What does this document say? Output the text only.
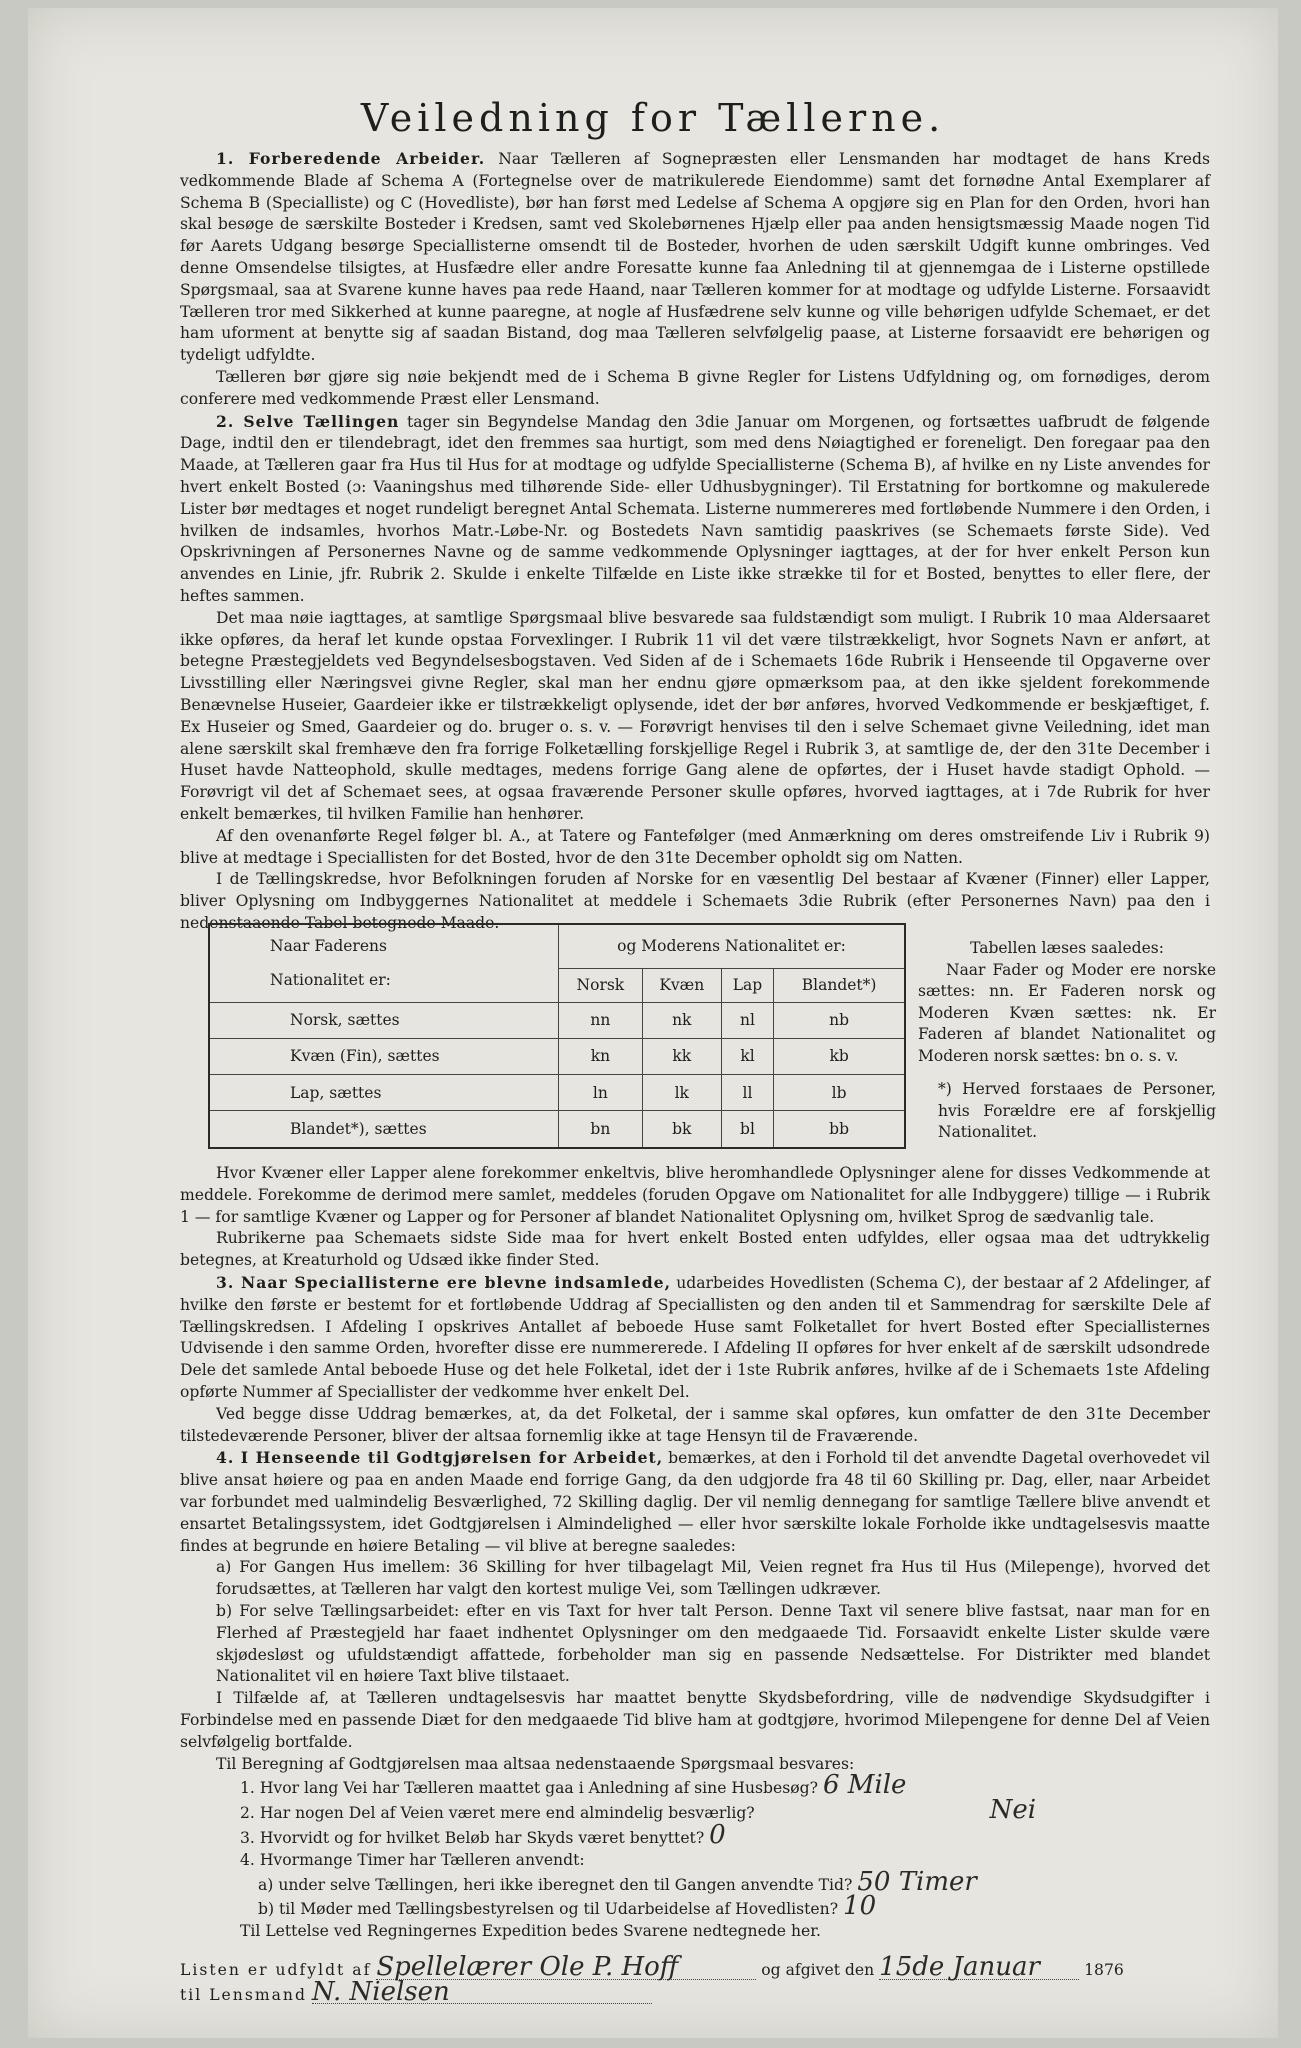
Veiledning for Tællerne.

1. Forberedende Arbeider. Naar Tælleren af Sognepræsten eller Lensmanden har modtaget de hans Kreds vedkommende Blade af Schema A (Fortegnelse over de matrikulerede Eiendomme) samt det fornødne Antal Exemplarer af Schema B (Specialliste) og C (Hovedliste), bør han først med Ledelse af Schema A opgjøre sig en Plan for den Orden, hvori han skal besøge de særskilte Bosteder i Kredsen, samt ved Skolebørnenes Hjælp eller paa anden hensigtsmæssig Maade nogen Tid før Aarets Udgang besørge Speciallisterne omsendt til de Bosteder, hvorhen de uden særskilt Udgift kunne ombringes. Ved denne Omsendelse tilsigtes, at Husfædre eller andre Foresatte kunne faa Anledning til at gjennemgaa de i Listerne opstillede Spørgsmaal, saa at Svarene kunne haves paa rede Haand, naar Tælleren kommer for at modtage og udfylde Listerne. Forsaavidt Tælleren tror med Sikkerhed at kunne paaregne, at nogle af Husfædrene selv kunne og ville behørigen udfylde Schemaet, er det ham uforment at benytte sig af saadan Bistand, dog maa Tælleren selvfølgelig paase, at Listerne forsaavidt ere behørigen og tydeligt udfyldte.

Tælleren bør gjøre sig nøie bekjendt med de i Schema B givne Regler for Listens Udfyldning og, om fornødiges, derom conferere med vedkommende Præst eller Lensmand.

2. Selve Tællingen tager sin Begyndelse Mandag den 3die Januar om Morgenen, og fortsættes uafbrudt de følgende Dage, indtil den er tilendebragt, idet den fremmes saa hurtigt, som med dens Nøiagtighed er foreneligt. Den foregaar paa den Maade, at Tælleren gaar fra Hus til Hus for at modtage og udfylde Speciallisterne (Schema B), af hvilke en ny Liste anvendes for hvert enkelt Bosted (ɔ: Vaaningshus med tilhørende Side- eller Udhusbygninger). Til Erstatning for bortkomne og makulerede Lister bør medtages et noget rundeligt beregnet Antal Schemata. Listerne nummereres med fortløbende Nummere i den Orden, i hvilken de indsamles, hvorhos Matr.-Løbe-Nr. og Bostedets Navn samtidig paaskrives (se Schemaets første Side). Ved Opskrivningen af Personernes Navne og de samme vedkommende Oplysninger iagttages, at der for hver enkelt Person kun anvendes en Linie, jfr. Rubrik 2. Skulde i enkelte Tilfælde en Liste ikke strække til for et Bosted, benyttes to eller flere, der heftes sammen.

Det maa nøie iagttages, at samtlige Spørgsmaal blive besvarede saa fuldstændigt som muligt. I Rubrik 10 maa Aldersaaret ikke opføres, da heraf let kunde opstaa Forvexlinger. I Rubrik 11 vil det være tilstrækkeligt, hvor Sognets Navn er anført, at betegne Præstegjeldets ved Begyndelsesbogstaven. Ved Siden af de i Schemaets 16de Rubrik i Henseende til Opgaverne over Livsstilling eller Næringsvei givne Regler, skal man her endnu gjøre opmærksom paa, at den ikke sjeldent forekommende Benævnelse Huseier, Gaardeier ikke er tilstrækkeligt oplysende, idet der bør anføres, hvorved Vedkommende er beskjæftiget, f. Ex Huseier og Smed, Gaardeier og do. bruger o. s. v. — Forøvrigt henvises til den i selve Schemaet givne Veiledning, idet man alene særskilt skal fremhæve den fra forrige Folketælling forskjellige Regel i Rubrik 3, at samtlige de, der den 31te December i Huset havde Natteophold, skulle medtages, medens forrige Gang alene de opførtes, der i Huset havde stadigt Ophold. — Forøvrigt vil det af Schemaet sees, at ogsaa fraværende Personer skulle opføres, hvorved iagttages, at i 7de Rubrik for hver enkelt bemærkes, til hvilken Familie han henhører.

Af den ovenanførte Regel følger bl. A., at Tatere og Fantefølger (med Anmærkning om deres omstreifende Liv i Rubrik 9) blive at medtage i Speciallisten for det Bosted, hvor de den 31te December opholdt sig om Natten.

I de Tællingskredse, hvor Befolkningen foruden af Norske for en væsentlig Del bestaar af Kvæner (Finner) eller Lapper, bliver Oplysning om Indbyggernes Nationalitet at meddele i Schemaets 3die Rubrik (efter Personernes Navn) paa den i nedenstaaende Tabel betegnede Maade.

Naar Faderens
Nationalitet er:	og Moderens Nationalitet er:			
	Norsk	Kvæn	Lap	Blandet*)
Norsk, sættes	nn	nk	nl	nb
Kvæn (Fin), sættes	kn	kk	kl	kb
Lap, sættes	ln	lk	ll	lb
Blandet*), sættes	bn	bk	bl	bb

Tabellen læses saaledes:

Naar Fader og Moder ere norske sættes: nn. Er Faderen norsk og Moderen Kvæn sættes: nk. Er Faderen af blandet Nationalitet og Moderen norsk sættes: bn o. s. v.

*) Herved forstaaes de Personer, hvis Forældre ere af forskjellig Nationalitet.

Hvor Kvæner eller Lapper alene forekommer enkeltvis, blive heromhandlede Oplysninger alene for disses Vedkommende at meddele. Forekomme de derimod mere samlet, meddeles (foruden Opgave om Nationalitet for alle Indbyggere) tillige — i Rubrik 1 — for samtlige Kvæner og Lapper og for Personer af blandet Nationalitet Oplysning om, hvilket Sprog de sædvanlig tale.

Rubrikerne paa Schemaets sidste Side maa for hvert enkelt Bosted enten udfyldes, eller ogsaa maa det udtrykkelig betegnes, at Kreaturhold og Udsæd ikke finder Sted.

3. Naar Speciallisterne ere blevne indsamlede, udarbeides Hovedlisten (Schema C), der bestaar af 2 Afdelinger, af hvilke den første er bestemt for et fortløbende Uddrag af Speciallisten og den anden til et Sammendrag for særskilte Dele af Tællingskredsen. I Afdeling I opskrives Antallet af beboede Huse samt Folketallet for hvert Bosted efter Speciallisternes Udvisende i den samme Orden, hvorefter disse ere nummererede. I Afdeling II opføres for hver enkelt af de særskilt udsondrede Dele det samlede Antal beboede Huse og det hele Folketal, idet der i 1ste Rubrik anføres, hvilke af de i Schemaets 1ste Afdeling opførte Nummer af Speciallister der vedkomme hver enkelt Del.

Ved begge disse Uddrag bemærkes, at, da det Folketal, der i samme skal opføres, kun omfatter de den 31te December tilstedeværende Personer, bliver der altsaa fornemlig ikke at tage Hensyn til de Fraværende.

4. I Henseende til Godtgjørelsen for Arbeidet, bemærkes, at den i Forhold til det anvendte Dagetal overhovedet vil blive ansat høiere og paa en anden Maade end forrige Gang, da den udgjorde fra 48 til 60 Skilling pr. Dag, eller, naar Arbeidet var forbundet med ualmindelig Besværlighed, 72 Skilling daglig. Der vil nemlig dennegang for samtlige Tællere blive anvendt et ensartet Betalingssystem, idet Godtgjørelsen i Almindelighed — eller hvor særskilte lokale Forholde ikke undtagelsesvis maatte findes at begrunde en høiere Betaling — vil blive at beregne saaledes:

a) For Gangen Hus imellem: 36 Skilling for hver tilbagelagt Mil, Veien regnet fra Hus til Hus (Milepenge), hvorved det forudsættes, at Tælleren har valgt den kortest mulige Vei, som Tællingen udkræver.

b) For selve Tællingsarbeidet: efter en vis Taxt for hver talt Person. Denne Taxt vil senere blive fastsat, naar man for en Flerhed af Præstegjeld har faaet indhentet Oplysninger om den medgaaede Tid. Forsaavidt enkelte Lister skulde være skjødesløst og ufuldstændigt affattede, forbeholder man sig en passende Nedsættelse. For Distrikter med blandet Nationalitet vil en høiere Taxt blive tilstaaet.

I Tilfælde af, at Tælleren undtagelsesvis har maattet benytte Skydsbefordring, ville de nødvendige Skydsudgifter i Forbindelse med en passende Diæt for den medgaaede Tid blive ham at godtgjøre, hvorimod Milepengene for denne Del af Veien selvfølgelig bortfalde.

Til Beregning af Godtgjørelsen maa altsaa nedenstaaende Spørgsmaal besvares:

1. Hvor lang Vei har Tælleren maattet gaa i Anledning af sine Husbesøg? 6 Mile

2. Har nogen Del af Veien været mere end almindelig besværlig?	Nei

3. Hvorvidt og for hvilket Beløb har Skyds været benyttet? 0

4. Hvormange Timer har Tælleren anvendt:

a) under selve Tællingen, heri ikke iberegnet den til Gangen anvendte Tid? 50 Timer

b) til Møder med Tællingsbestyrelsen og til Udarbeidelse af Hovedlisten? 10

Til Lettelse ved Regningernes Expedition bedes Svarene nedtegnede her.

Listen er udfyldt af Spellelærer Ole P. Hoff	og afgivet den 15de Januar	1876

til Lensmand N. Nielsen
